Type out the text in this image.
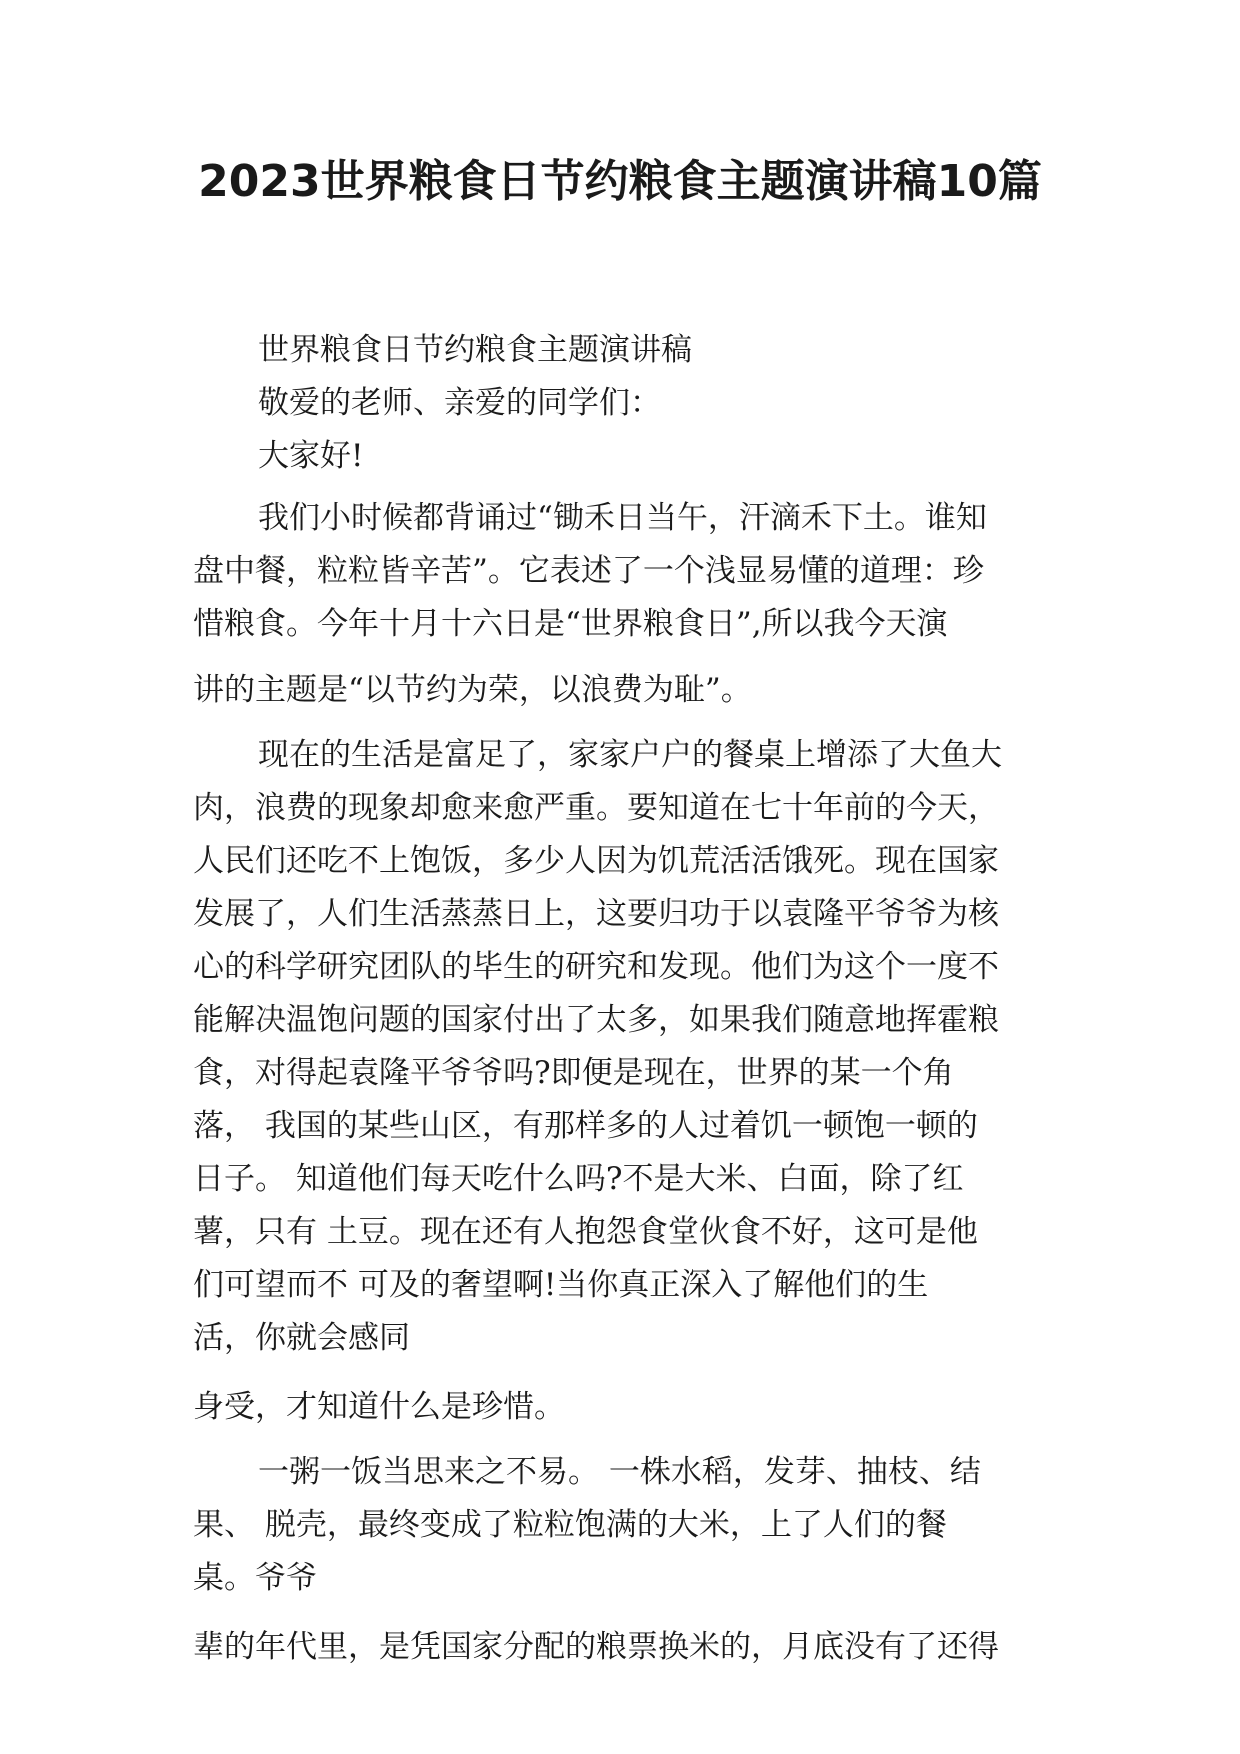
2023世界粮食日节约粮食主题演讲稿10篇

世界粮食日节约粮食主题演讲稿

敬爱的老师、亲爱的同学们：

大家好!

我们小时候都背诵过“锄禾日当午，汗滴禾下土。谁知

盘中餐，粒粒皆辛苦”。它表述了一个浅显易懂的道理：珍

惜粮食。今年十月十六日是“世界粮食日”,所以我今天演

讲的主题是“以节约为荣，以浪费为耻”。

现在的生活是富足了，家家户户的餐桌上增添了大鱼大

肉，浪费的现象却愈来愈严重。要知道在七十年前的今天，

人民们还吃不上饱饭，多少人因为饥荒活活饿死。现在国家

发展了，人们生活蒸蒸日上，这要归功于以袁隆平爷爷为核

心的科学研究团队的毕生的研究和发现。他们为这个一度不

能解决温饱问题的国家付出了太多，如果我们随意地挥霍粮

食，对得起袁隆平爷爷吗?即便是现在，世界的某一个角

落， 我国的某些山区，有那样多的人过着饥一顿饱一顿的

日子。 知道他们每天吃什么吗?不是大米、白面，除了红

薯，只有 土豆。现在还有人抱怨食堂伙食不好，这可是他

们可望而不 可及的奢望啊!当你真正深入了解他们的生

活，你就会感同

身受，才知道什么是珍惜。

一粥一饭当思来之不易。 一株水稻，发芽、抽枝、结

果、 脱壳，最终变成了粒粒饱满的大米，上了人们的餐

桌。爷爷

辈的年代里，是凭国家分配的粮票换米的，月底没有了还得
